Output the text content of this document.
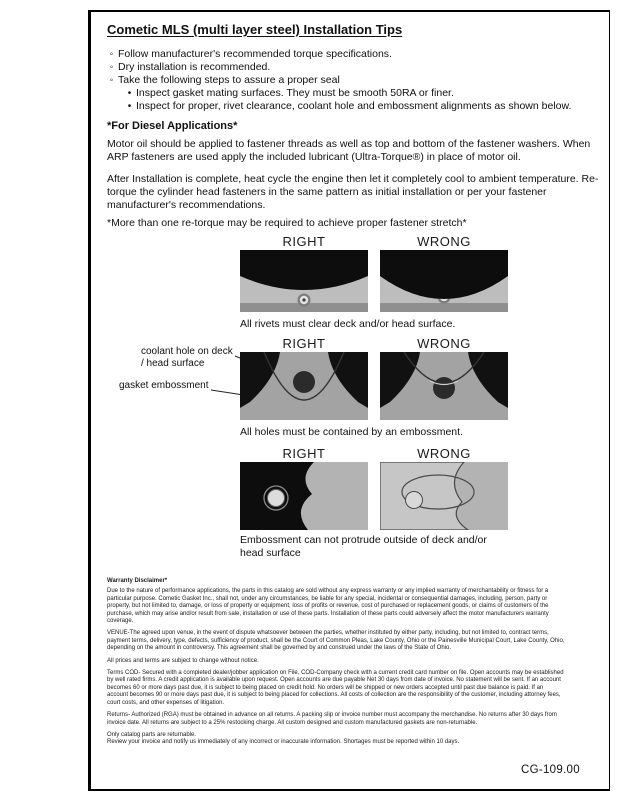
Cometic MLS (multi layer steel) Installation Tips
◦
Follow manufacturer's recommended torque specifications.
◦
Dry installation is recommended.
◦
Take the following steps to assure a proper seal
•
Inspect gasket mating surfaces. They must be smooth 50RA or finer.
•
Inspect for proper, rivet clearance, coolant hole and embossment alignments as shown below.
*For Diesel Applications*
Motor oil should be applied to fastener threads as well as top and bottom of the fastener washers. When ARP fasteners are used apply the included lubricant (Ultra-Torque®) in place of motor oil.
After Installation is complete, heat cycle the engine then let it completely cool to ambient temperature. Re-torque the cylinder head fasteners in the same pattern as initial installation or per your fastener manufacturer's recommendations.
*More than one re-torque may be required to achieve proper fastener stretch*
RIGHT	WRONG
All rivets must clear deck and/or head surface.
RIGHT	WRONG
coolant hole on deck / head surface
gasket embossment
All holes must be contained by an embossment.
RIGHT	WRONG
Embossment can not protrude outside of deck and/or head surface
Warranty Disclaimer*

Due to the nature of performance applications, the parts in this catalog are sold without any express warranty or any implied warranty of merchantability or fitness for a particular purpose. Cometic Gasket Inc., shall not, under any circumstances, be liable for any special, incidental or consequential damages, including, person, party or property, but not limited to, damage, or loss of property or equipment, loss of profits or revenue, cost of purchased or replacement goods, or claims of customers of the purchase, which may arise and/or result from sale, installation or use of these parts. Installation of these parts could adversely affect the motor manufacturers warranty coverage.

VENUE-The agreed upon venue, in the event of dispute whatsoever between the parties, whether instituted by either party, including, but not limited to, contract terms, payment terms, delivery, type, defects, sufficiency of product, shall be the Court of Common Pleas, Lake County, Ohio or the Painesville Municipal Court, Lake County, Ohio, depending on the amount in controversy. This agreement shall be governed by and construed under the laws of the State of Ohio.

All prices and terms are subject to change without notice.

Terms COD- Secured with a completed dealer/jobber application on File, COD-Company check with a current credit card number on file. Open accounts may be established by well rated firms. A credit application is available upon request. Open accounts are due payable Net 30 days from date of invoice. No statement will be sent. If an account becomes 60 or more days past due, it is subject to being placed on credit hold. No orders will be shipped or new orders accepted until past due balance is paid. If an account becomes 90 or more days past due, it is subject to being placed for collections. All costs of collection are the responsibility of the customer, including attorney fees, court costs, and other expenses of litigation.

Returns- Authorized (RGA) must be obtained in advance on all returns. A packing slip or invoice number must accompany the merchandise. No returns after 30 days from invoice date. All returns are subject to a 25% restocking charge. All custom designed and custom manufactured gaskets are non-returnable.

Only catalog parts are returnable.

Review your invoice and notify us immediately of any incorrect or inaccurate information. Shortages must be reported within 10 days.

CG-109.00
